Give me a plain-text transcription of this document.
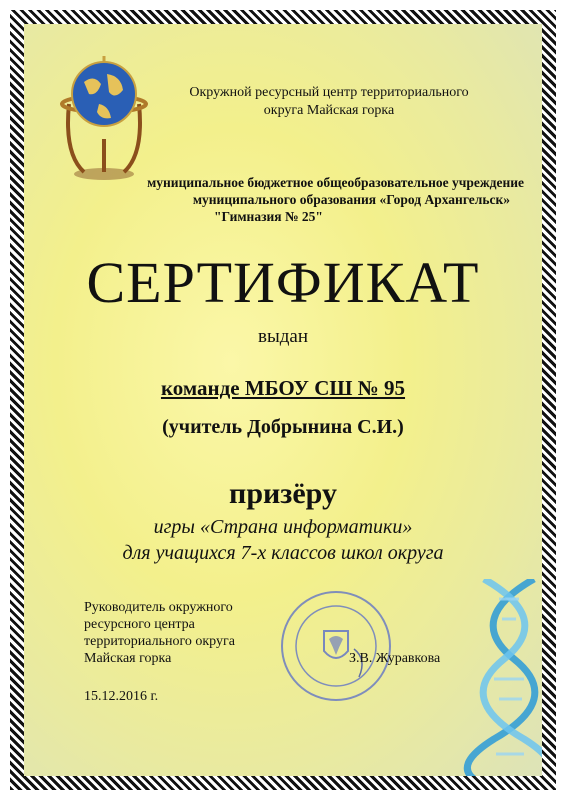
Окружной ресурсный центр территориального
округа Майская горка
муниципальное бюджетное общеобразовательное учреждение
муниципального образования «Город Архангельск»
"Гимназия № 25"
СЕРТИФИКАТ
выдан
команде МБОУ СШ № 95
(учитель Добрынина С.И.)
призёру
игры «Страна информатики»
для учащихся 7-х классов школ округа
Руководитель окружного
ресурсного центра
территориального округа
Майская горка	З.В. Журавкова
15.12.2016 г.
